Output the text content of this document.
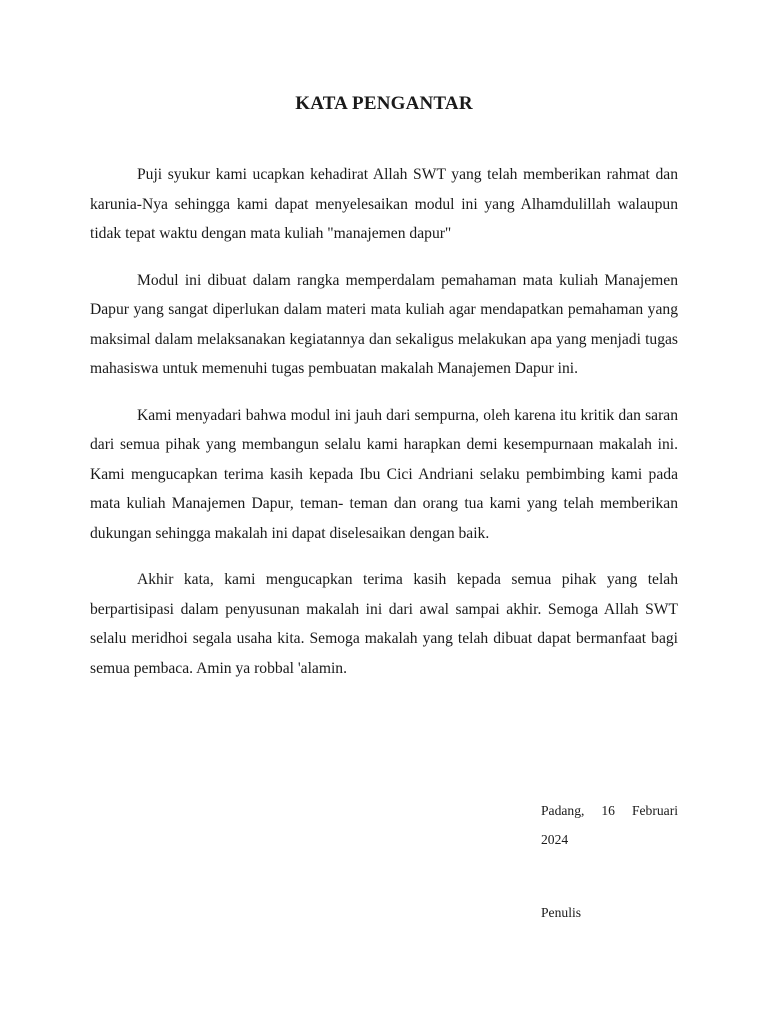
KATA PENGANTAR

Puji syukur kami ucapkan kehadirat Allah SWT yang telah memberikan rahmat dan karunia-Nya sehingga kami dapat menyelesaikan modul ini yang Alhamdulillah walaupun tidak tepat waktu dengan mata kuliah "manajemen dapur"

Modul ini dibuat dalam rangka memperdalam pemahaman mata kuliah Manajemen Dapur yang sangat diperlukan dalam materi mata kuliah agar mendapatkan pemahaman yang maksimal dalam melaksanakan kegiatannya dan sekaligus melakukan apa yang menjadi tugas mahasiswa untuk memenuhi tugas pembuatan makalah Manajemen Dapur ini.

Kami menyadari bahwa modul ini jauh dari sempurna, oleh karena itu kritik dan saran dari semua pihak yang membangun selalu kami harapkan demi kesempurnaan makalah ini. Kami mengucapkan terima kasih kepada Ibu Cici Andriani selaku pembimbing kami pada mata kuliah Manajemen Dapur, teman- teman dan orang tua kami yang telah memberikan dukungan sehingga makalah ini dapat diselesaikan dengan baik.

Akhir kata, kami mengucapkan terima kasih kepada semua pihak yang telah berpartisipasi dalam penyusunan makalah ini dari awal sampai akhir. Semoga Allah SWT selalu meridhoi segala usaha kita. Semoga makalah yang telah dibuat dapat bermanfaat bagi semua pembaca. Amin ya robbal 'alamin.

Padang, 16 Februari 2024

Penulis
